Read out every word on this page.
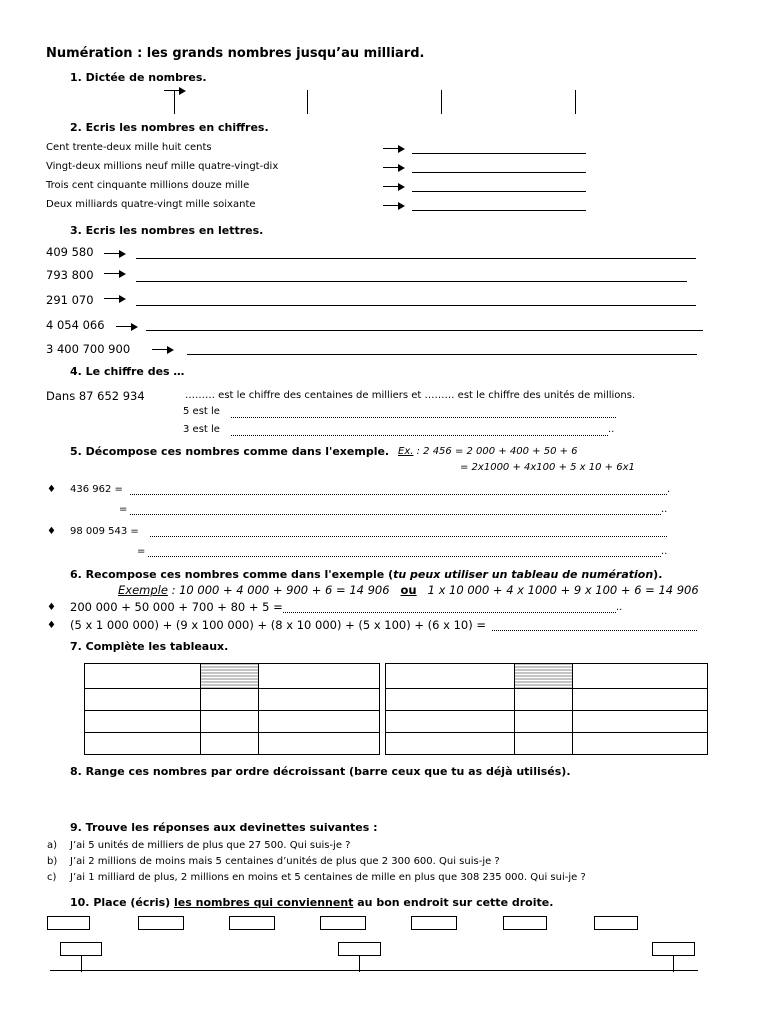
Numération : les grands nombres jusqu’au milliard.
1. Dictée de nombres.
2. Ecris les nombres en chiffres.
Cent trente-deux mille huit cents
Vingt-deux millions neuf mille quatre-vingt-dix
Trois cent cinquante millions douze mille
Deux milliards quatre-vingt mille soixante
3. Ecris les nombres en lettres.
409 580
793 800
291 070
4 054 066
3 400 700 900
4. Le chiffre des …
Dans 87 652 934	……… est le chiffre des centaines de milliers et ……… est le chiffre des unités de millions.
5 est le
3 est le	..
5. Décompose ces nombres comme dans l'exemple. Ex. : 2 456 = 2 000 + 400 + 50 + 6
= 2x1000 + 4x100 + 5 x 10 + 6x1
♦ 436 962 =	.
=	..
♦ 98 009 543 =
=	..
6. Recompose ces nombres comme dans l'exemple (tu peux utiliser un tableau de numération).
Exemple : 10 000 + 4 000 + 900 + 6 = 14 906 ou 1 x 10 000 + 4 x 1000 + 9 x 100 + 6 = 14 906
♦ 200 000 + 50 000 + 700 + 80 + 5 =	..
♦ (5 x 1 000 000) + (9 x 100 000) + (8 x 10 000) + (5 x 100) + (6 x 10) =
7. Complète les tableaux.

8. Range ces nombres par ordre décroissant (barre ceux que tu as déjà utilisés).
9. Trouve les réponses aux devinettes suivantes :
a) J’ai 5 unités de milliers de plus que 27 500. Qui suis-je ?
b) J’ai 2 millions de moins mais 5 centaines d’unités de plus que 2 300 600. Qui suis-je ?
c) J’ai 1 milliard de plus, 2 millions en moins et 5 centaines de mille en plus que 308 235 000. Qui sui-je ?
10. Place (écris) les nombres qui conviennent au bon endroit sur cette droite.
